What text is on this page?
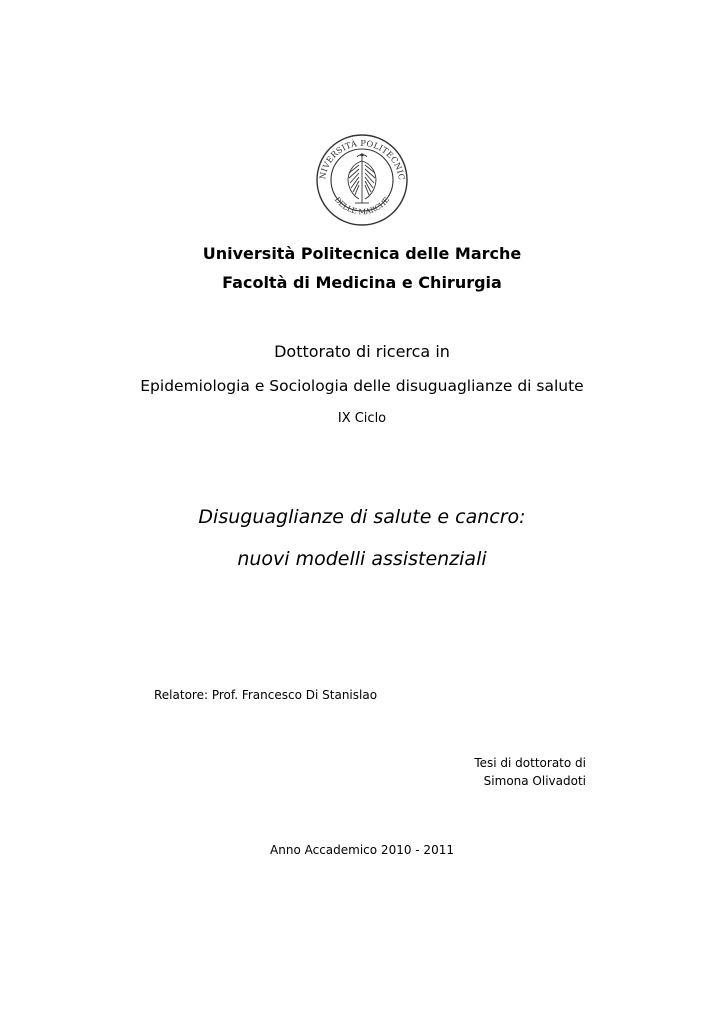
NIVERSITÀ POLITECNIC
DELLE MARCHE
Università Politecnica delle Marche
Facoltà di Medicina e Chirurgia
Dottorato di ricerca in
Epidemiologia e Sociologia delle disuguaglianze di salute
IX Ciclo
Disuguaglianze di salute e cancro:
nuovi modelli assistenziali
Relatore: Prof. Francesco Di Stanislao
Tesi di dottorato di
Simona Olivadoti
Anno Accademico 2010 - 2011
